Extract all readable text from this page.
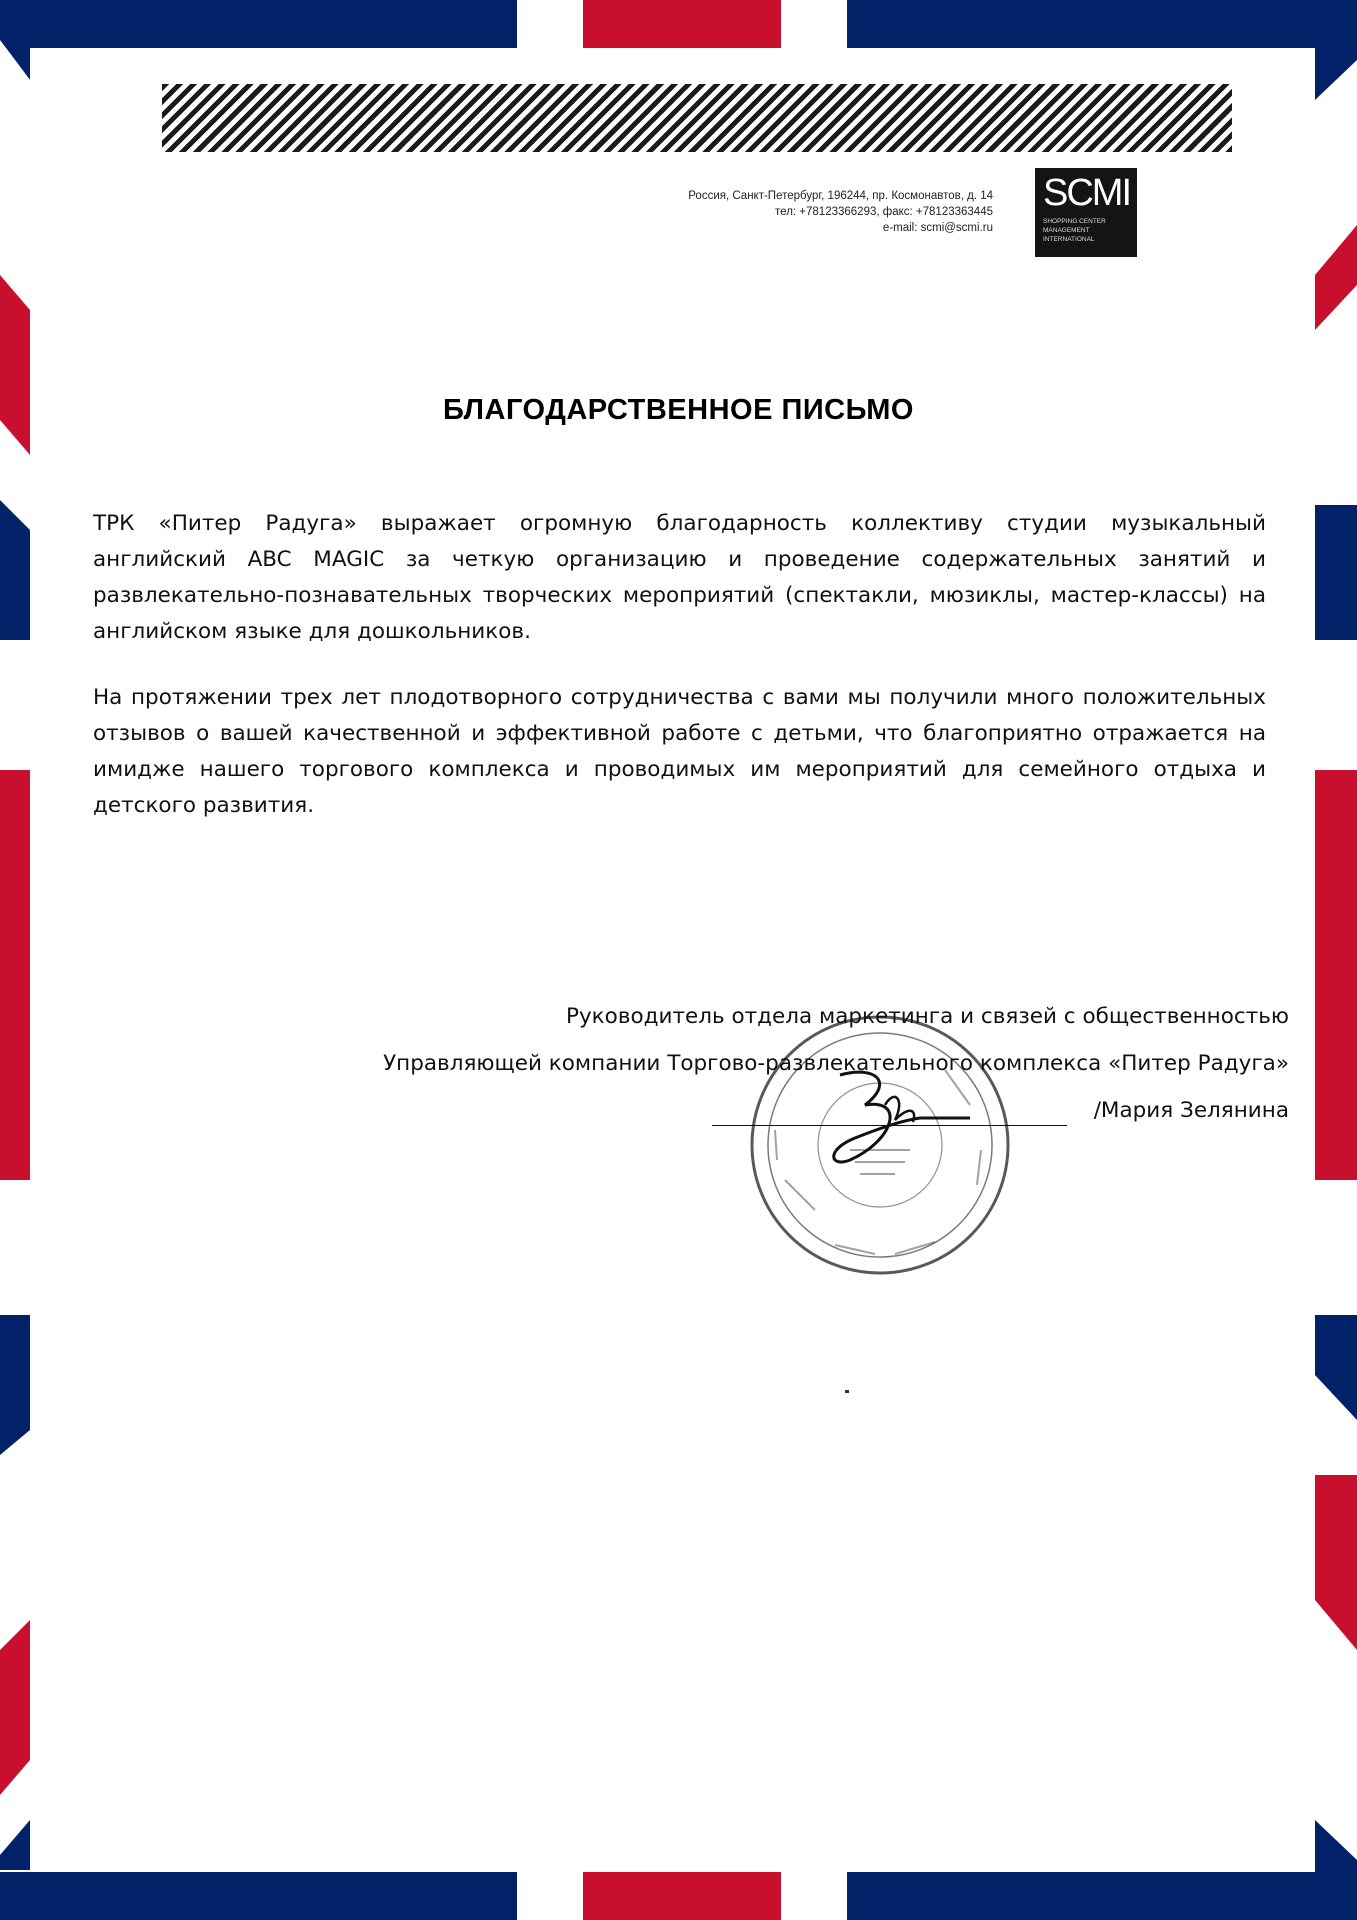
Россия, Санкт-Петербург, 196244, пр. Космонавтов, д. 14
тел: +78123366293, факс: +78123363445
e-mail: scmi@scmi.ru
SCMI
SHOPPING CENTER
MANAGEMENT
INTERNATIONAL
БЛАГОДАРСТВЕННОЕ ПИСЬМО
ТРК «Питер Радуга» выражает огромную благодарность коллективу студии музыкальный английский ABC MAGIC за четкую организацию и проведение содержательных занятий и развлекательно-познавательных творческих мероприятий (спектакли, мюзиклы, мастер-классы) на английском языке для дошкольников.
На протяжении трех лет плодотворного сотрудничества с вами мы получили много положительных отзывов о вашей качественной и эффективной работе с детьми, что благоприятно отражается на имидже нашего торгового комплекса и проводимых им мероприятий для семейного отдыха и детского развития.
Руководитель отдела маркетинга и связей с общественностью
Управляющей компании Торгово-развлекательного комплекса «Питер Радуга»
/Мария Зелянина
